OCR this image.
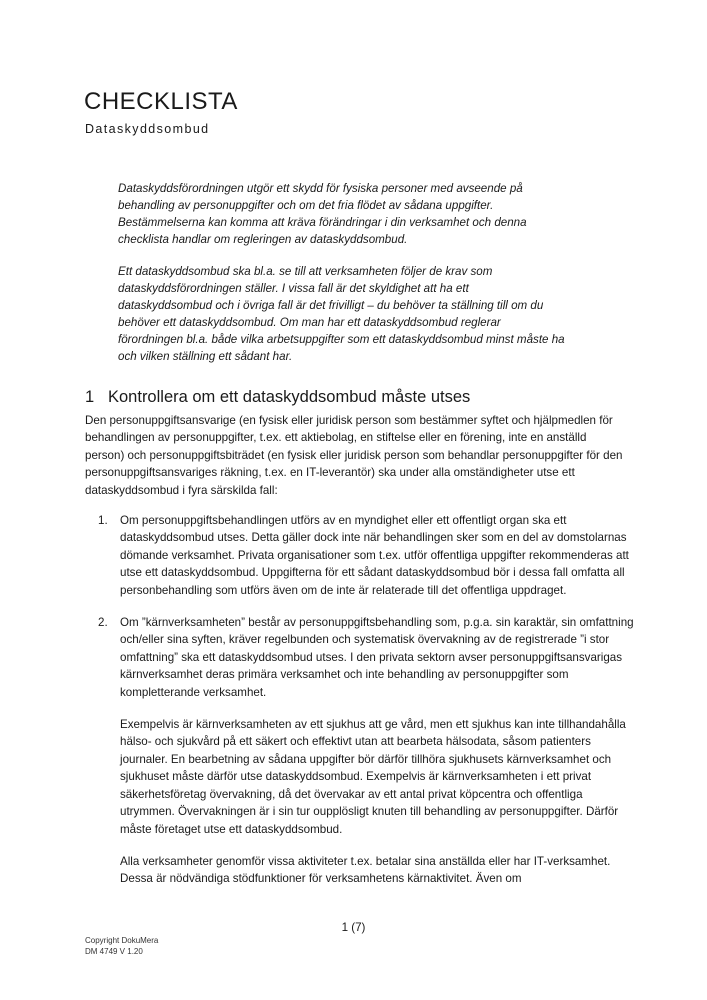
CHECKLISTA
Dataskyddsombud

Dataskyddsförordningen utgör ett skydd för fysiska personer med avseende på behandling av personuppgifter och om det fria flödet av sådana uppgifter. Bestämmelserna kan komma att kräva förändringar i din verksamhet och denna checklista handlar om regleringen av dataskyddsombud.

Ett dataskyddsombud ska bl.a. se till att verksamheten följer de krav som dataskyddsförordningen ställer. I vissa fall är det skyldighet att ha ett dataskyddsombud och i övriga fall är det frivilligt – du behöver ta ställning till om du behöver ett dataskyddsombud. Om man har ett dataskyddsombud reglerar förordningen bl.a. både vilka arbetsuppgifter som ett dataskyddsombud minst måste ha och vilken ställning ett sådant har.

1 Kontrollera om ett dataskyddsombud måste utses

Den personuppgiftsansvarige (en fysisk eller juridisk person som bestämmer syftet och hjälpmedlen för behandlingen av personuppgifter, t.ex. ett aktiebolag, en stiftelse eller en förening, inte en anställd person) och personuppgiftsbiträdet (en fysisk eller juridisk person som behandlar personuppgifter för den personuppgiftsansvariges räkning, t.ex. en IT-leverantör) ska under alla omständigheter utse ett dataskyddsombud i fyra särskilda fall:

1. Om personuppgiftsbehandlingen utförs av en myndighet eller ett offentligt organ ska ett dataskyddsombud utses. Detta gäller dock inte när behandlingen sker som en del av domstolarnas dömande verksamhet. Privata organisationer som t.ex. utför offentliga uppgifter rekommenderas att utse ett dataskyddsombud. Uppgifterna för ett sådant dataskyddsombud bör i dessa fall omfatta all personbehandling som utförs även om de inte är relaterade till det offentliga uppdraget.

2. Om ”kärnverksamheten” består av personuppgiftsbehandling som, p.g.a. sin karaktär, sin omfattning och/eller sina syften, kräver regelbunden och systematisk övervakning av de registrerade ”i stor omfattning” ska ett dataskyddsombud utses. I den privata sektorn avser personuppgiftsansvarigas kärnverksamhet deras primära verksamhet och inte behandling av personuppgifter som kompletterande verksamhet.

Exempelvis är kärnverksamheten av ett sjukhus att ge vård, men ett sjukhus kan inte tillhandahålla hälso- och sjukvård på ett säkert och effektivt utan att bearbeta hälsodata, såsom patienters journaler. En bearbetning av sådana uppgifter bör därför tillhöra sjukhusets kärnverksamhet och sjukhuset måste därför utse dataskyddsombud. Exempelvis är kärnverksamheten i ett privat säkerhetsföretag övervakning, då det övervakar av ett antal privat köpcentra och offentliga utrymmen. Övervakningen är i sin tur oupplösligt knuten till behandling av personuppgifter. Därför måste företaget utse ett dataskyddsombud.

Alla verksamheter genomför vissa aktiviteter t.ex. betalar sina anställda eller har IT-verksamhet. Dessa är nödvändiga stödfunktioner för verksamhetens kärnaktivitet. Även om

1 (7)
Copyright DokuMera
DM 4749 V 1.20
